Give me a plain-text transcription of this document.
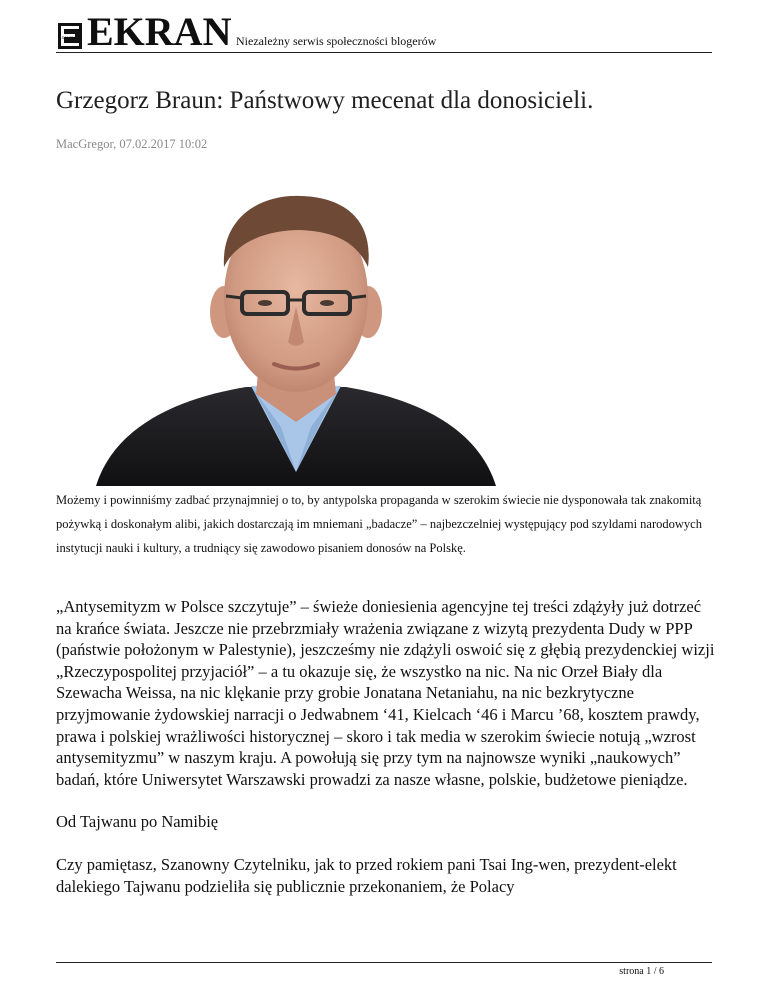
SALON 24 EKRAN Niezależny serwis społeczności blogerów
Grzegorz Braun: Państwowy mecenat dla donosicieli.
MacGregor, 07.02.2017 10:02
Możemy i powinniśmy zadbać przynajmniej o to, by antypolska propaganda w szerokim świecie nie dysponowała tak znakomitą pożywką i doskonałym alibi, jakich dostarczają im mniemani „badacze” – najbezczelniej występujący pod szyldami narodowych instytucji nauki i kultury, a trudniący się zawodowo pisaniem donosów na Polskę.

„Antysemityzm w Polsce szczytuje” – świeże doniesienia agencyjne tej treści zdążyły już dotrzeć na krańce świata. Jeszcze nie przebrzmiały wrażenia związane z wizytą prezydenta Dudy w PPP (państwie położonym w Palestynie), jeszcześmy nie zdążyli oswoić się z głębią prezydenckiej wizji „Rzeczypospolitej przyjaciół” – a tu okazuje się, że wszystko na nic. Na nic Orzeł Biały dla Szewacha Weissa, na nic klękanie przy grobie Jonatana Netaniahu, na nic bezkrytyczne przyjmowanie żydowskiej narracji o Jedwabnem ‘41, Kielcach ‘46 i Marcu ’68, kosztem prawdy, prawa i polskiej wrażliwości historycznej – skoro i tak media w szerokim świecie notują „wzrost antysemityzmu” w naszym kraju. A powołują się przy tym na najnowsze wyniki „naukowych” badań, które Uniwersytet Warszawski prowadzi za nasze własne, polskie, budżetowe pieniądze.

Od Tajwanu po Namibię

Czy pamiętasz, Szanowny Czytelniku, jak to przed rokiem pani Tsai Ing-wen, prezydent-elekt dalekiego Tajwanu podzieliła się publicznie przekonaniem, że Polacy

strona 1 / 6
